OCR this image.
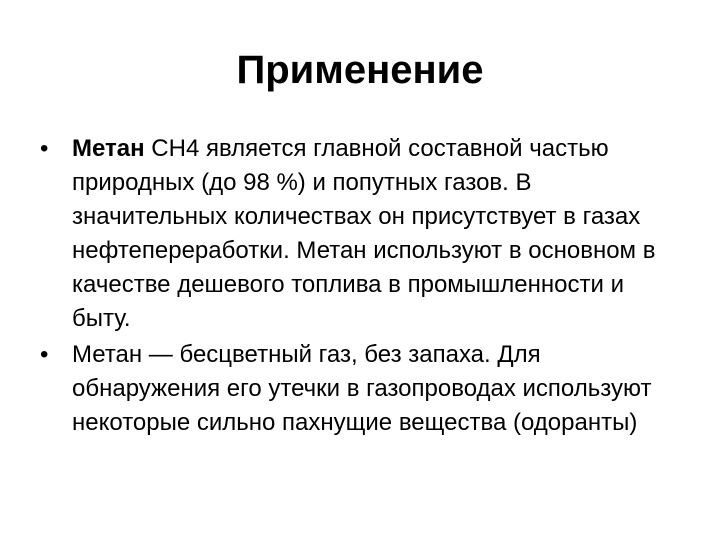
Применение
• Метан СН4 является главной составной частью природных (до 98 %) и попутных газов. В значительных количествах он присутствует в газах нефтепереработки. Метан используют в основном в качестве дешевого топлива в промышленности и быту.
• Метан — бесцветный газ, без запаха. Для обнаружения его утечки в газопроводах используют некоторые сильно пахнущие вещества (одоранты)
